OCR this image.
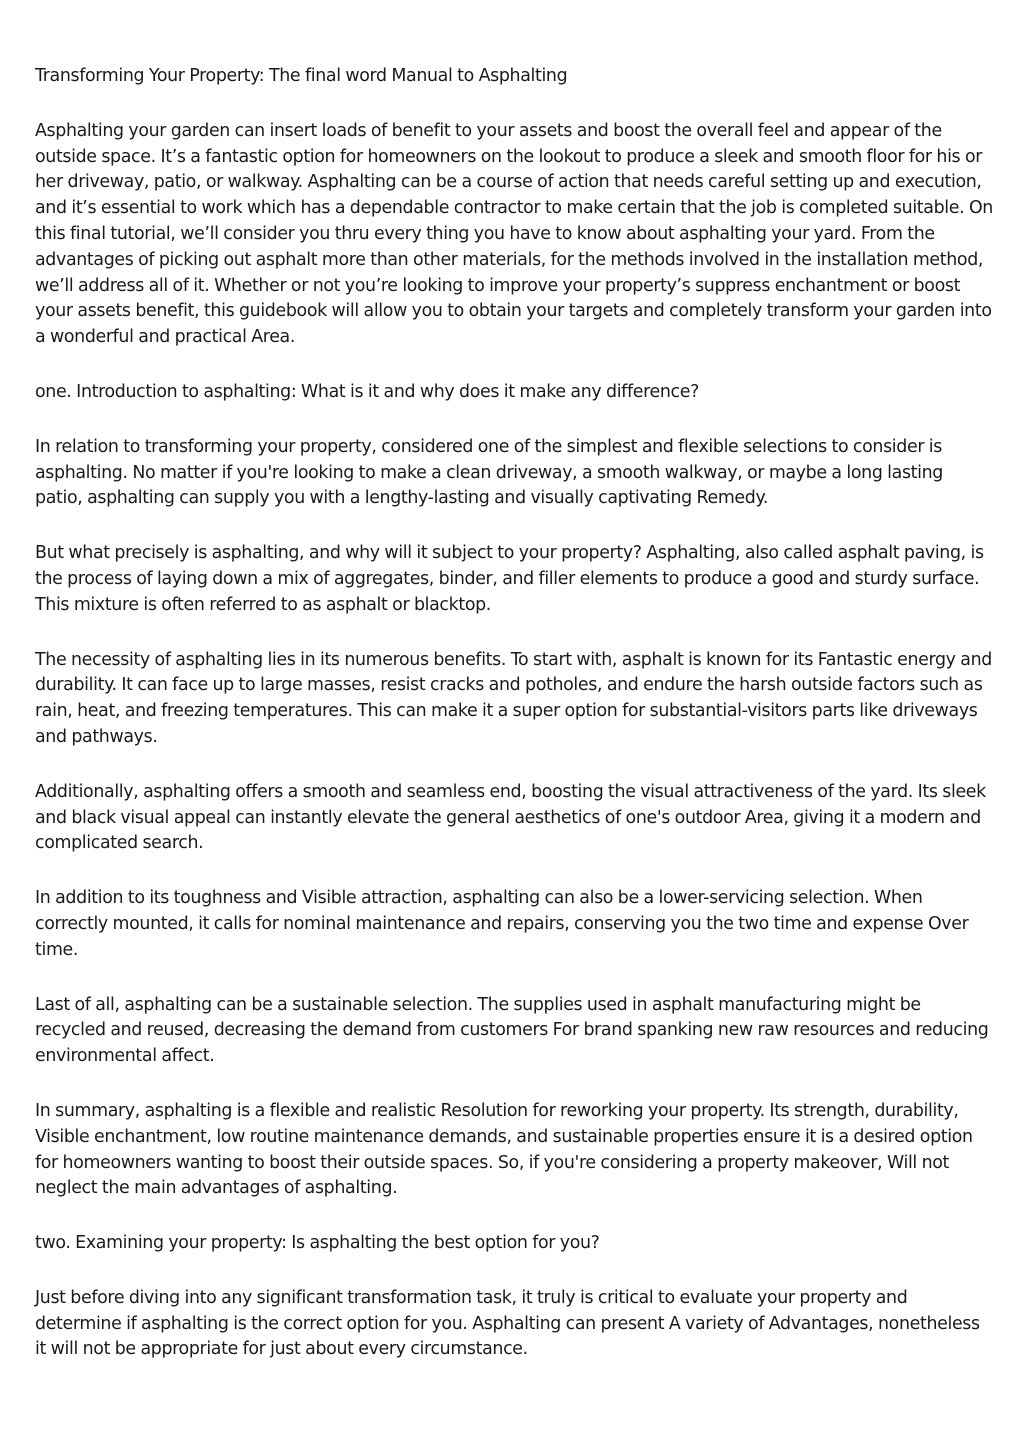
Transforming Your Property: The final word Manual to Asphalting

Asphalting your garden can insert loads of benefit to your assets and boost the overall feel and appear of the outside space. It’s a fantastic option for homeowners on the lookout to produce a sleek and smooth floor for his or her driveway, patio, or walkway. Asphalting can be a course of action that needs careful setting up and execution, and it’s essential to work which has a dependable contractor to make certain that the job is completed suitable. On this final tutorial, we’ll consider you thru every thing you have to know about asphalting your yard. From the advantages of picking out asphalt more than other materials, for the methods involved in the installation method, we’ll address all of it. Whether or not you’re looking to improve your property’s suppress enchantment or boost your assets benefit, this guidebook will allow you to obtain your targets and completely transform your garden into a wonderful and practical Area.

one. Introduction to asphalting: What is it and why does it make any difference?

In relation to transforming your property, considered one of the simplest and flexible selections to consider is asphalting. No matter if you're looking to make a clean driveway, a smooth walkway, or maybe a long lasting patio, asphalting can supply you with a lengthy-lasting and visually captivating Remedy.

But what precisely is asphalting, and why will it subject to your property? Asphalting, also called asphalt paving, is the process of laying down a mix of aggregates, binder, and filler elements to produce a good and sturdy surface. This mixture is often referred to as asphalt or blacktop.

The necessity of asphalting lies in its numerous benefits. To start with, asphalt is known for its Fantastic energy and durability. It can face up to large masses, resist cracks and potholes, and endure the harsh outside factors such as rain, heat, and freezing temperatures. This can make it a super option for substantial-visitors parts like driveways and pathways.

Additionally, asphalting offers a smooth and seamless end, boosting the visual attractiveness of the yard. Its sleek and black visual appeal can instantly elevate the general aesthetics of one's outdoor Area, giving it a modern and complicated search.

In addition to its toughness and Visible attraction, asphalting can also be a lower-servicing selection. When correctly mounted, it calls for nominal maintenance and repairs, conserving you the two time and expense Over time.

Last of all, asphalting can be a sustainable selection. The supplies used in asphalt manufacturing might be recycled and reused, decreasing the demand from customers For brand spanking new raw resources and reducing environmental affect.

In summary, asphalting is a flexible and realistic Resolution for reworking your property. Its strength, durability, Visible enchantment, low routine maintenance demands, and sustainable properties ensure it is a desired option for homeowners wanting to boost their outside spaces. So, if you're considering a property makeover, Will not neglect the main advantages of asphalting.

two. Examining your property: Is asphalting the best option for you?

Just before diving into any significant transformation task, it truly is critical to evaluate your property and determine if asphalting is the correct option for you. Asphalting can present A variety of Advantages, nonetheless it will not be appropriate for just about every circumstance.
